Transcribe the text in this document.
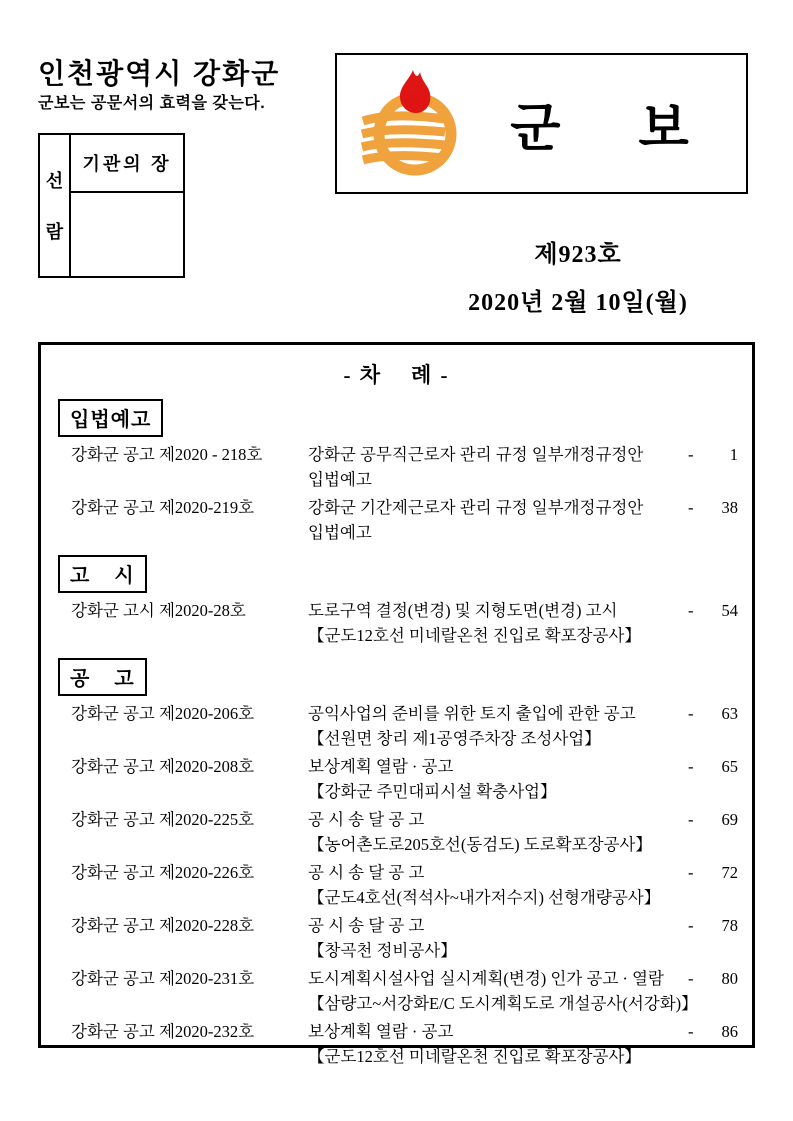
인천광역시 강화군
군보는 공문서의 효력을 갖는다.
선
람
기관의 장
군      보
제923호
2020년 2월 10일(월)
- 차    례 -
입법예고
강화군 공고 제2020 - 218호	강화군 공무직근로자 관리 규정 일부개정규정안
입법예고
- 1
강화군 공고 제2020-219호	강화군 기간제근로자 관리 규정 일부개정규정안
입법예고
- 38
고    시
강화군 고시 제2020-28호	도로구역 결정(변경) 및 지형도면(변경) 고시
【군도12호선 미네랄온천 진입로 확포장공사】
- 54
공    고
강화군 공고 제2020-206호	공익사업의 준비를 위한 토지 출입에 관한 공고
【선원면 창리 제1공영주차장 조성사업】
- 63
강화군 공고 제2020-208호	보상계획 열람 · 공고
【강화군 주민대피시설 확충사업】
- 65
강화군 공고 제2020-225호	공 시 송 달 공 고
【농어촌도로205호선(동검도) 도로확포장공사】
- 69
강화군 공고 제2020-226호	공 시 송 달 공 고
【군도4호선(적석사~내가저수지) 선형개량공사】
- 72
강화군 공고 제2020-228호	공 시 송 달 공 고
【창곡천 정비공사】
- 78
강화군 공고 제2020-231호	도시계획시설사업 실시계획(변경) 인가 공고 · 열람
【삼량고~서강화E/C 도시계획도로 개설공사(서강화)】
- 80
강화군 공고 제2020-232호	보상계획 열람 · 공고
【군도12호선 미네랄온천 진입로 확포장공사】
- 86
